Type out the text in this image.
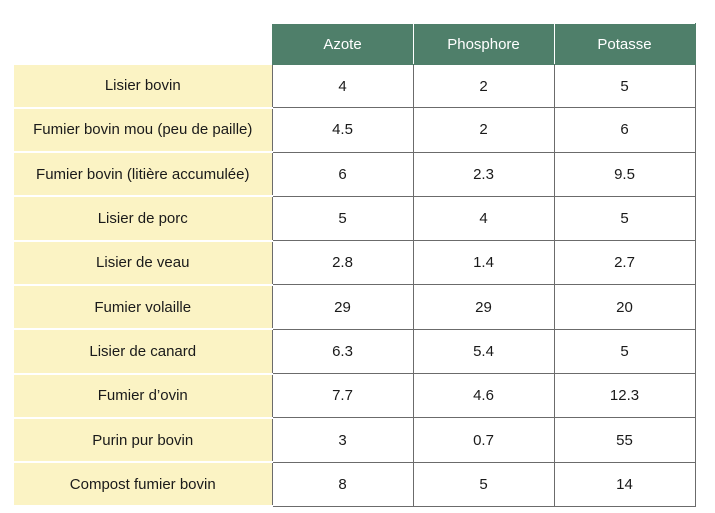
	Azote	Phosphore	Potasse
Lisier bovin	4	2	5
Fumier bovin mou (peu de paille)	4.5	2	6
Fumier bovin (litière accumulée)	6	2.3	9.5
Lisier de porc	5	4	5
Lisier de veau	2.8	1.4	2.7
Fumier volaille	29	29	20
Lisier de canard	6.3	5.4	5
Fumier d’ovin	7.7	4.6	12.3
Purin pur bovin	3	0.7	55
Compost fumier bovin	8	5	14
